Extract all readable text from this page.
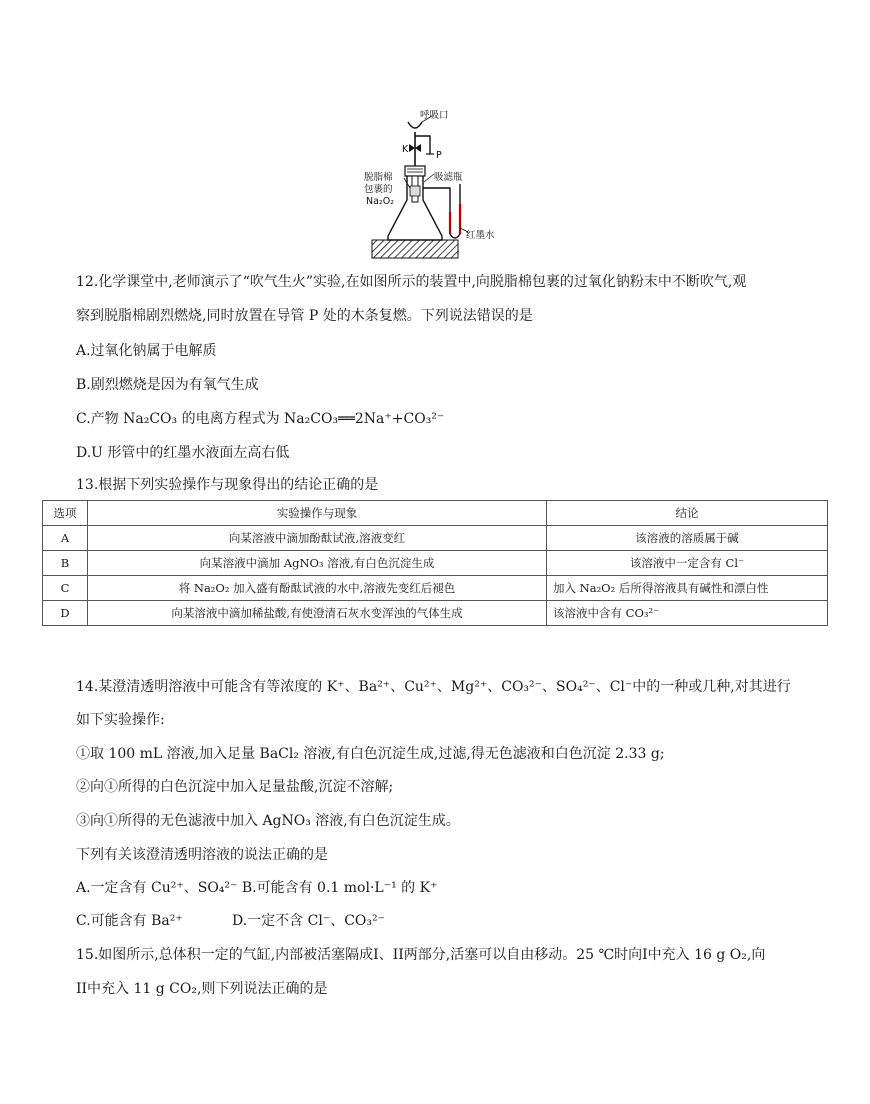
呼吸口
K
P
脱脂棉
包裹的
Na₂O₂
吸滤瓶
红墨水
12.化学课堂中,老师演示了“吹气生火”实验,在如图所示的装置中,向脱脂棉包裹的过氧化钠粉末中不断吹气,观
察到脱脂棉剧烈燃烧,同时放置在导管 P 处的木条复燃。下列说法错误的是
A.过氧化钠属于电解质
B.剧烈燃烧是因为有氧气生成
C.产物 Na₂CO₃ 的电离方程式为 Na₂CO₃══2Na⁺+CO₃²⁻
D.U 形管中的红墨水液面左高右低
13.根据下列实验操作与现象得出的结论正确的是
选项	实验操作与现象	结论
A	向某溶液中滴加酚酞试液,溶液变红	该溶液的溶质属于碱
B	向某溶液中滴加 AgNO₃ 溶液,有白色沉淀生成	该溶液中一定含有 Cl⁻
C	将 Na₂O₂ 加入盛有酚酞试液的水中,溶液先变红后褪色	加入 Na₂O₂ 后所得溶液具有碱性和漂白性
D	向某溶液中滴加稀盐酸,有使澄清石灰水变浑浊的气体生成	该溶液中含有 CO₃²⁻
14.某澄清透明溶液中可能含有等浓度的 K⁺、Ba²⁺、Cu²⁺、Mg²⁺、CO₃²⁻、SO₄²⁻、Cl⁻中的一种或几种,对其进行
如下实验操作:
①取 100 mL 溶液,加入足量 BaCl₂ 溶液,有白色沉淀生成,过滤,得无色滤液和白色沉淀 2.33 g;
②向①所得的白色沉淀中加入足量盐酸,沉淀不溶解;
③向①所得的无色滤液中加入 AgNO₃ 溶液,有白色沉淀生成。
下列有关该澄清透明溶液的说法正确的是
A.一定含有 Cu²⁺、SO₄²⁻ B.可能含有 0.1 mol·L⁻¹ 的 K⁺
C.可能含有 Ba²⁺	D.一定不含 Cl⁻、CO₃²⁻
15.如图所示,总体积一定的气缸,内部被活塞隔成I、II两部分,活塞可以自由移动。25 ℃时向I中充入 16 g O₂,向
II中充入 11 g CO₂,则下列说法正确的是
